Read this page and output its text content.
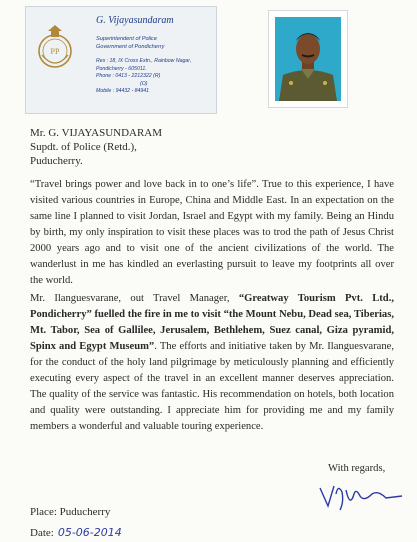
PP
G. Vijayasundaram
Superintendent of Police
Government of Pondicherry
Res : 18, IX Cross Extn., Rainbow Nagar,
Pondicherry - 605011.
Phone : 0413 - 2212322 (R)
(O)
Mobile : 94432 - 84941
Mr. G. VIJAYASUNDARAM
Supdt. of Police (Retd.),
Puducherry.

“Travel brings power and love back in to one’s life”. True to this experience, I have visited various countries in Europe, China and Middle East. In an expectation on the same line I planned to visit Jordan, Israel and Egypt with my family. Being an Hindu by birth, my only inspiration to visit these places was to trod the path of Jesus Christ 2000 years ago and to visit one of the ancient civilizations of the world. The wanderlust in me has kindled an everlasting pursuit to leave my footprints all over the world.

Mr. Ilanguesvarane, out Travel Manager, “Greatway Tourism Pvt. Ltd., Pondicherry” fuelled the fire in me to visit “the Mount Nebu, Dead sea, Tiberias, Mt. Tabor, Sea of Gallilee, Jerusalem, Bethlehem, Suez canal, Giza pyramid, Spinx and Egypt Museum”. The efforts and initiative taken by Mr. Ilanguesvarane, for the conduct of the holy land pilgrimage by meticulously planning and efficiently executing every aspect of the travel in an excellent manner deserves appreciation. The quality of the service was fantastic. His recommendation on hotels, both location and quality were outstanding. I appreciate him for providing me and my family members a wonderful and valuable touring experience.

With regards,
Place: Puducherry
Date: 05-06-2014
